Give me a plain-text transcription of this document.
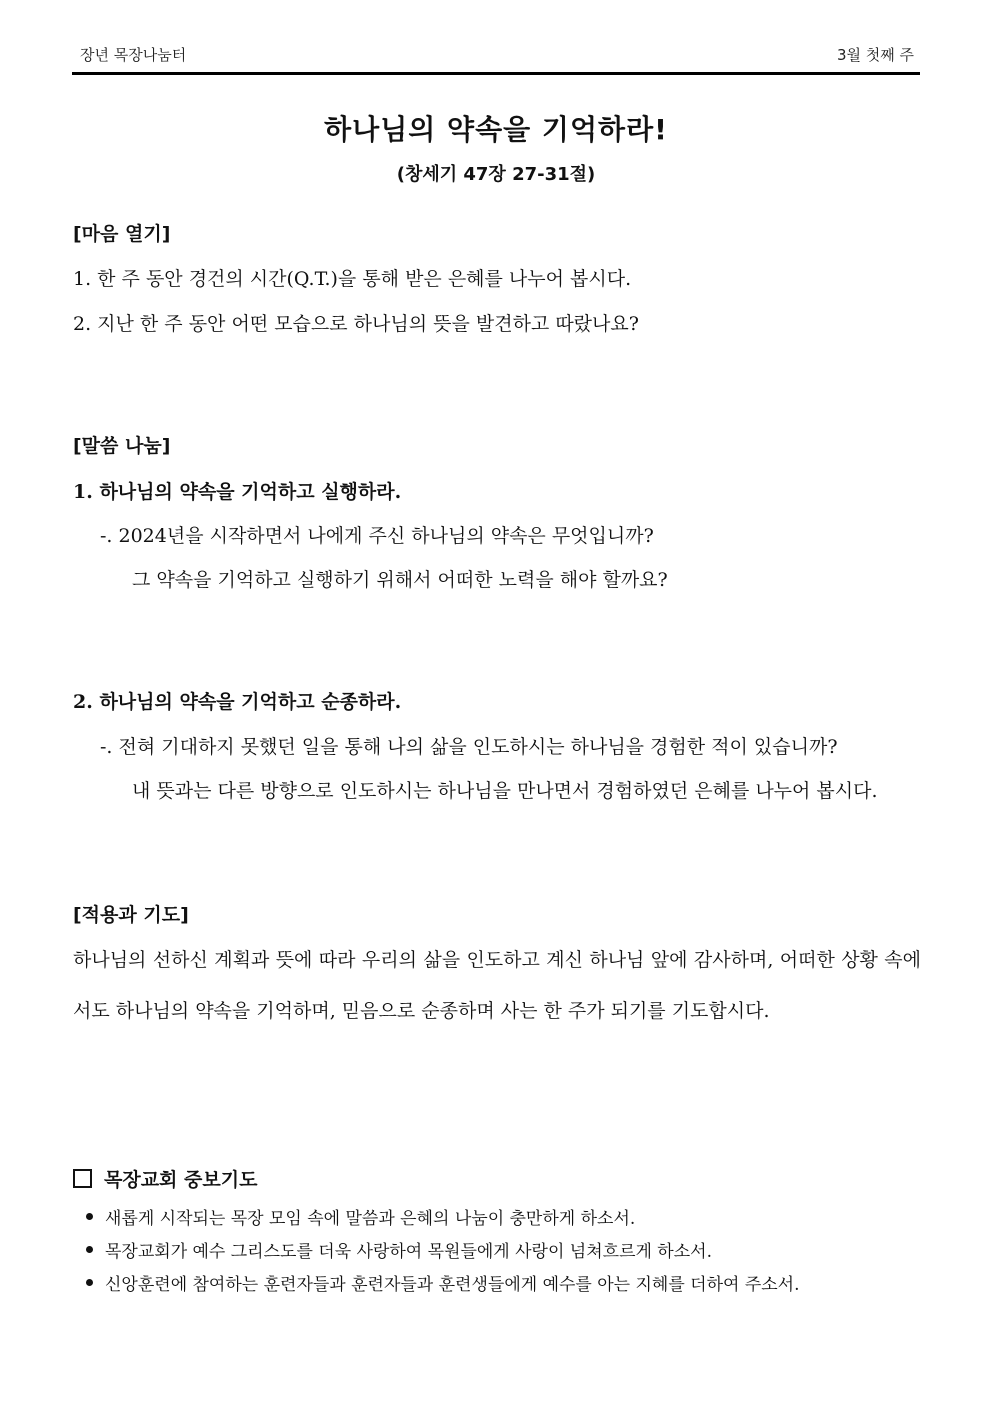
장년 목장나눔터	3월 첫째 주
하나님의 약속을 기억하라!
(창세기 47장 27-31절)
[마음 열기]
1. 한 주 동안 경건의 시간(Q.T.)을 통해 받은 은혜를 나누어 봅시다.
2. 지난 한 주 동안 어떤 모습으로 하나님의 뜻을 발견하고 따랐나요?
[말씀 나눔]
1. 하나님의 약속을 기억하고 실행하라.
-. 2024년을 시작하면서 나에게 주신 하나님의 약속은 무엇입니까?
그 약속을 기억하고 실행하기 위해서 어떠한 노력을 해야 할까요?
2. 하나님의 약속을 기억하고 순종하라.
-. 전혀 기대하지 못했던 일을 통해 나의 삶을 인도하시는 하나님을 경험한 적이 있습니까?
내 뜻과는 다른 방향으로 인도하시는 하나님을 만나면서 경험하였던 은혜를 나누어 봅시다.
[적용과 기도]
하나님의 선하신 계획과 뜻에 따라 우리의 삶을 인도하고 계신 하나님 앞에 감사하며, 어떠한 상황 속에서도 하나님의 약속을 기억하며, 믿음으로 순종하며 사는 한 주가 되기를 기도합시다.
목장교회 중보기도
새롭게 시작되는 목장 모임 속에 말씀과 은혜의 나눔이 충만하게 하소서.
목장교회가 예수 그리스도를 더욱 사랑하여 목원들에게 사랑이 넘쳐흐르게 하소서.
신앙훈련에 참여하는 훈련자들과 훈련자들과 훈련생들에게 예수를 아는 지혜를 더하여 주소서.
